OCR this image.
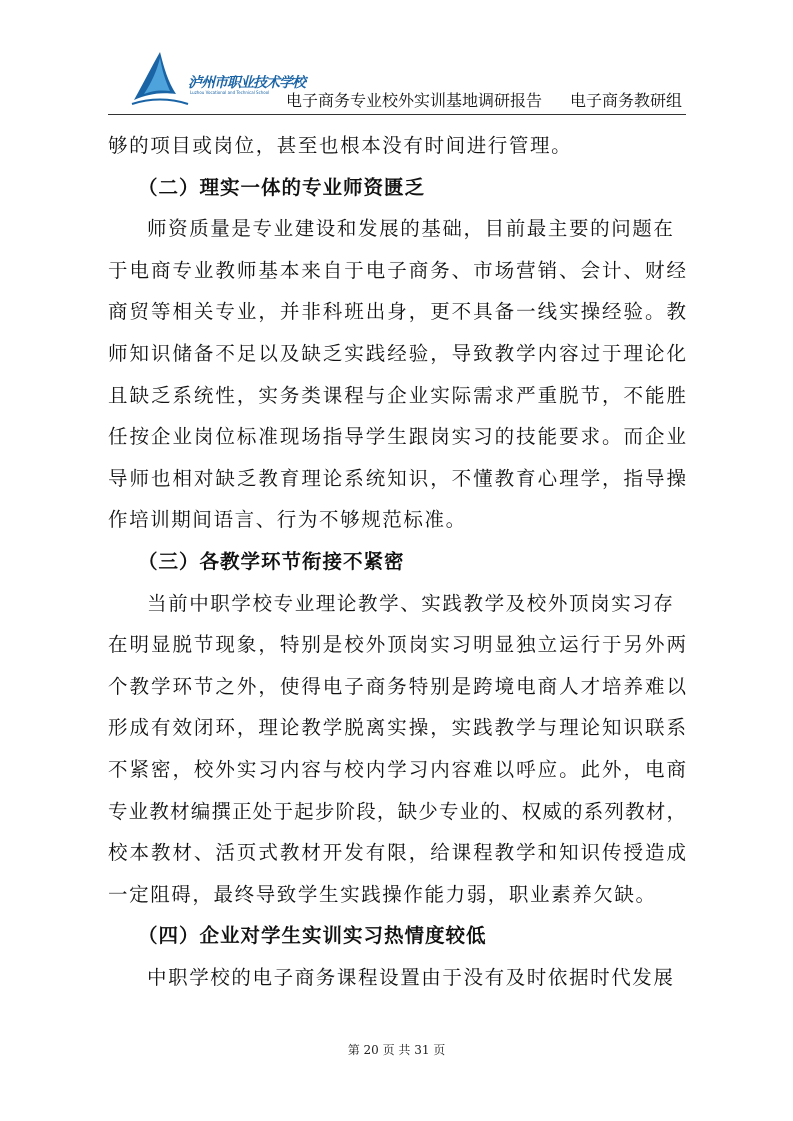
泸州市职业技术学校
Luzhou Vocational and Technical School 电子商务专业校外实训基地调研报告 电子商务教研组
够的项目或岗位，甚至也根本没有时间进行管理。
（二）理实一体的专业师资匮乏
师资质量是专业建设和发展的基础，目前最主要的问题在
于电商专业教师基本来自于电子商务、市场营销、会计、财经
商贸等相关专业，并非科班出身，更不具备一线实操经验。教
师知识储备不足以及缺乏实践经验，导致教学内容过于理论化
且缺乏系统性，实务类课程与企业实际需求严重脱节，不能胜
任按企业岗位标准现场指导学生跟岗实习的技能要求。而企业
导师也相对缺乏教育理论系统知识，不懂教育心理学，指导操
作培训期间语言、行为不够规范标准。
（三）各教学环节衔接不紧密
当前中职学校专业理论教学、实践教学及校外顶岗实习存
在明显脱节现象，特别是校外顶岗实习明显独立运行于另外两
个教学环节之外，使得电子商务特别是跨境电商人才培养难以
形成有效闭环，理论教学脱离实操，实践教学与理论知识联系
不紧密，校外实习内容与校内学习内容难以呼应。此外，电商
专业教材编撰正处于起步阶段，缺少专业的、权威的系列教材，
校本教材、活页式教材开发有限，给课程教学和知识传授造成
一定阻碍，最终导致学生实践操作能力弱，职业素养欠缺。
（四）企业对学生实训实习热情度较低
中职学校的电子商务课程设置由于没有及时依据时代发展
第 20 页 共 31 页
